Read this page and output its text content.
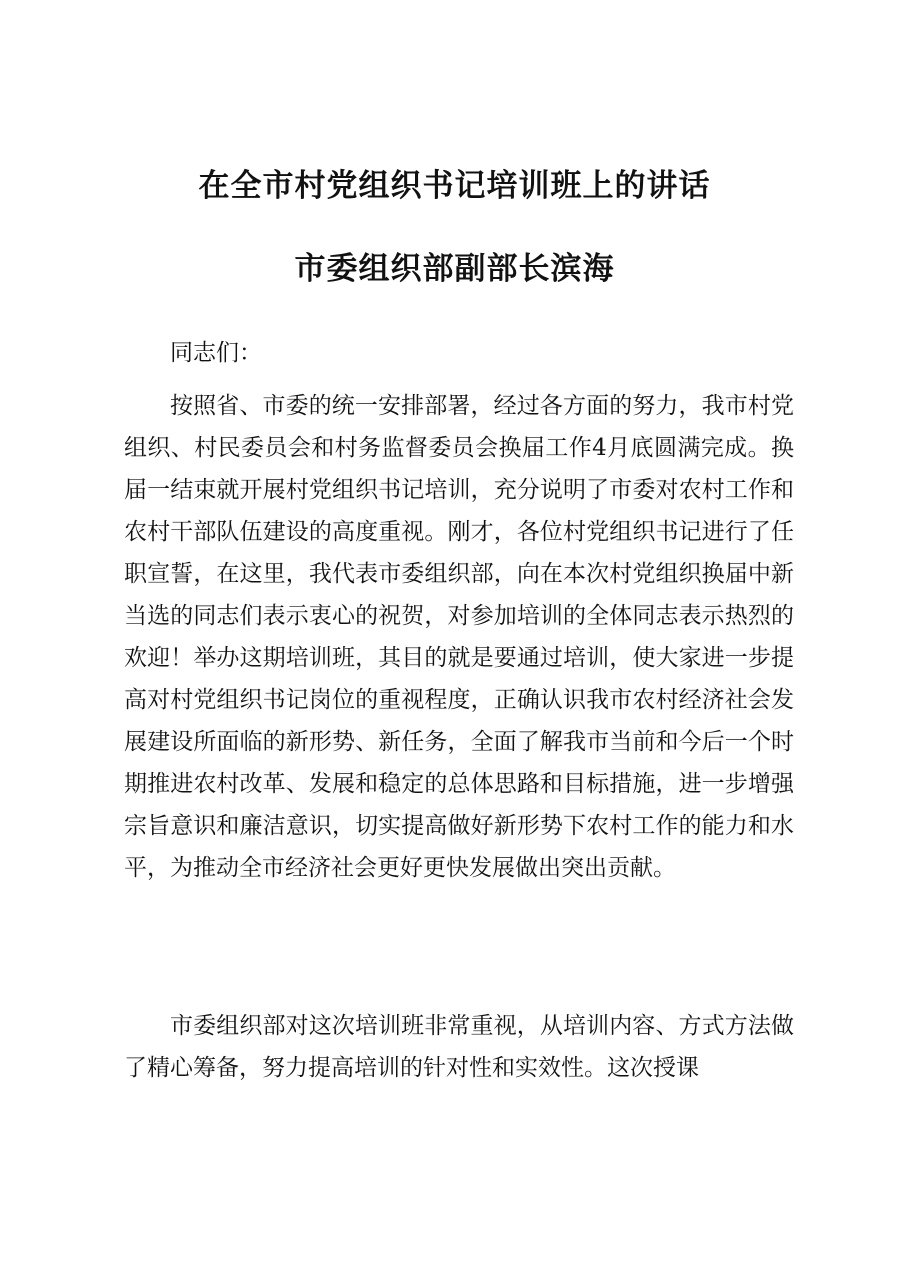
在全市村党组织书记培训班上的讲话
市委组织部副部长滨海

同志们：

按照省、市委的统一安排部署，经过各方面的努力，我市村党组织、村民委员会和村务监督委员会换届工作4月底圆满完成。换届一结束就开展村党组织书记培训，充分说明了市委对农村工作和农村干部队伍建设的高度重视。刚才，各位村党组织书记进行了任职宣誓，在这里，我代表市委组织部，向在本次村党组织换届中新当选的同志们表示衷心的祝贺，对参加培训的全体同志表示热烈的欢迎！举办这期培训班，其目的就是要通过培训，使大家进一步提高对村党组织书记岗位的重视程度，正确认识我市农村经济社会发展建设所面临的新形势、新任务，全面了解我市当前和今后一个时期推进农村改革、发展和稳定的总体思路和目标措施，进一步增强宗旨意识和廉洁意识，切实提高做好新形势下农村工作的能力和水平，为推动全市经济社会更好更快发展做出突出贡献。

市委组织部对这次培训班非常重视，从培训内容、方式方法做了精心筹备，努力提高培训的针对性和实效性。这次授课
